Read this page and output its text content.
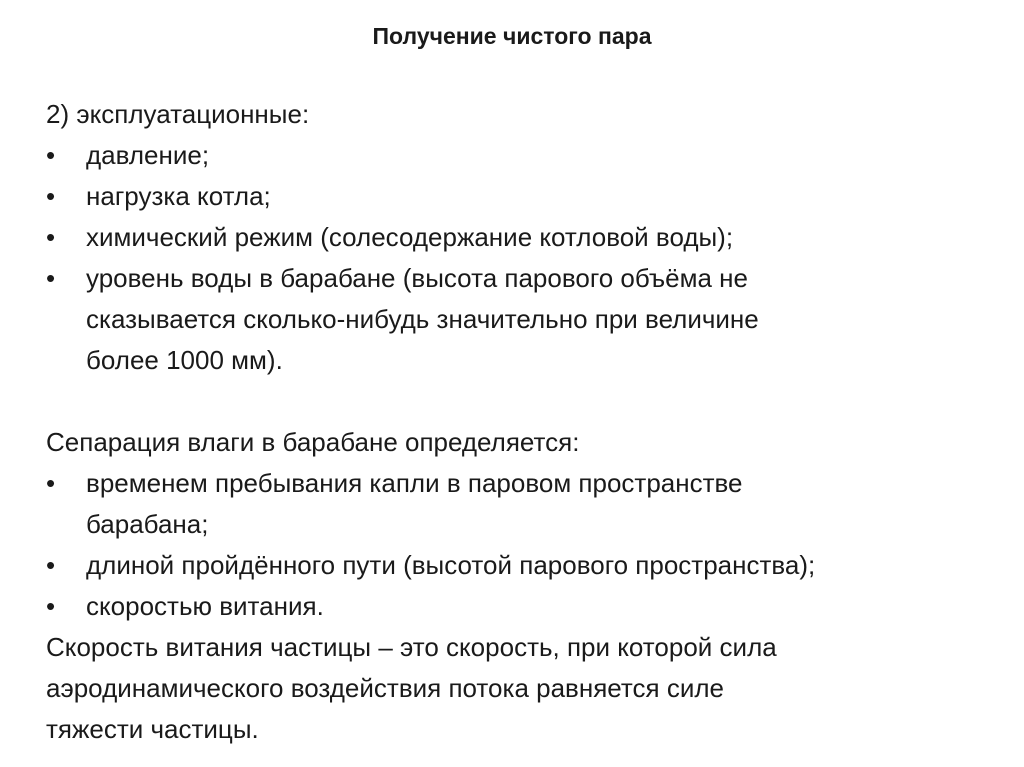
Получение чистого пара

2) эксплуатационные:

•	давление;
•	нагрузка котла;
•	химический режим (солесодержание котловой воды);
•	уровень воды в барабане (высота парового объёма не
сказывается сколько-нибудь значительно при величине
более 1000 мм).

Сепарация влаги в барабане определяется:

•	временем пребывания капли в паровом пространстве
барабана;
•	длиной пройдённого пути (высотой парового пространства);
•	скоростью витания.

Скорость витания частицы – это скорость, при которой сила
аэродинамического воздействия потока равняется силе
тяжести частицы.
